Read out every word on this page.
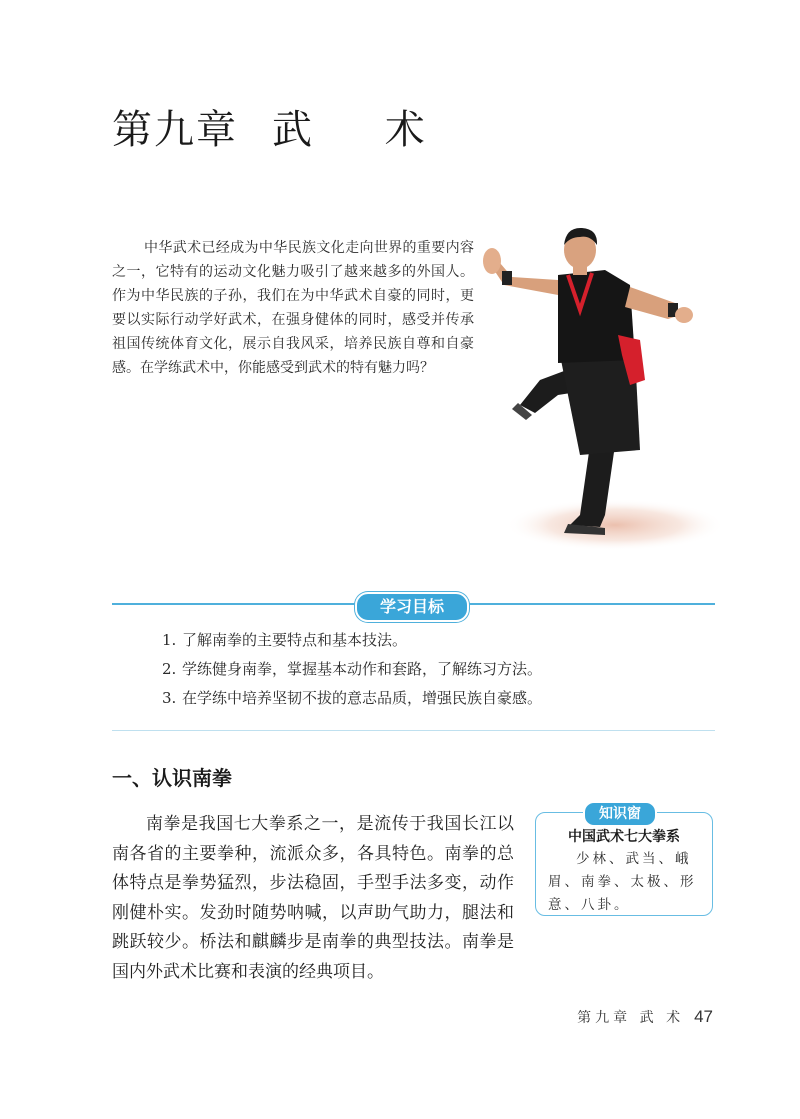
第九章 武 术

中华武术已经成为中华民族文化走向世界的重要内容之一，它特有的运动文化魅力吸引了越来越多的外国人。作为中华民族的子孙，我们在为中华武术自豪的同时，更要以实际行动学好武术，在强身健体的同时，感受并传承祖国传统体育文化，展示自我风采，培养民族自尊和自豪感。在学练武术中，你能感受到武术的特有魅力吗？

学习目标
1. 了解南拳的主要特点和基本技法。
2. 学练健身南拳，掌握基本动作和套路，了解练习方法。
3. 在学练中培养坚韧不拔的意志品质，增强民族自豪感。
一、认识南拳

南拳是我国七大拳系之一，是流传于我国长江以南各省的主要拳种，流派众多，各具特色。南拳的总体特点是拳势猛烈，步法稳固，手型手法多变，动作刚健朴实。发劲时随势呐喊，以声助气助力，腿法和跳跃较少。桥法和麒麟步是南拳的典型技法。南拳是国内外武术比赛和表演的经典项目。

知识窗
中国武术七大拳系
少林、武当、峨眉、南拳、太极、形意、八卦。
第九章 武 术 47
